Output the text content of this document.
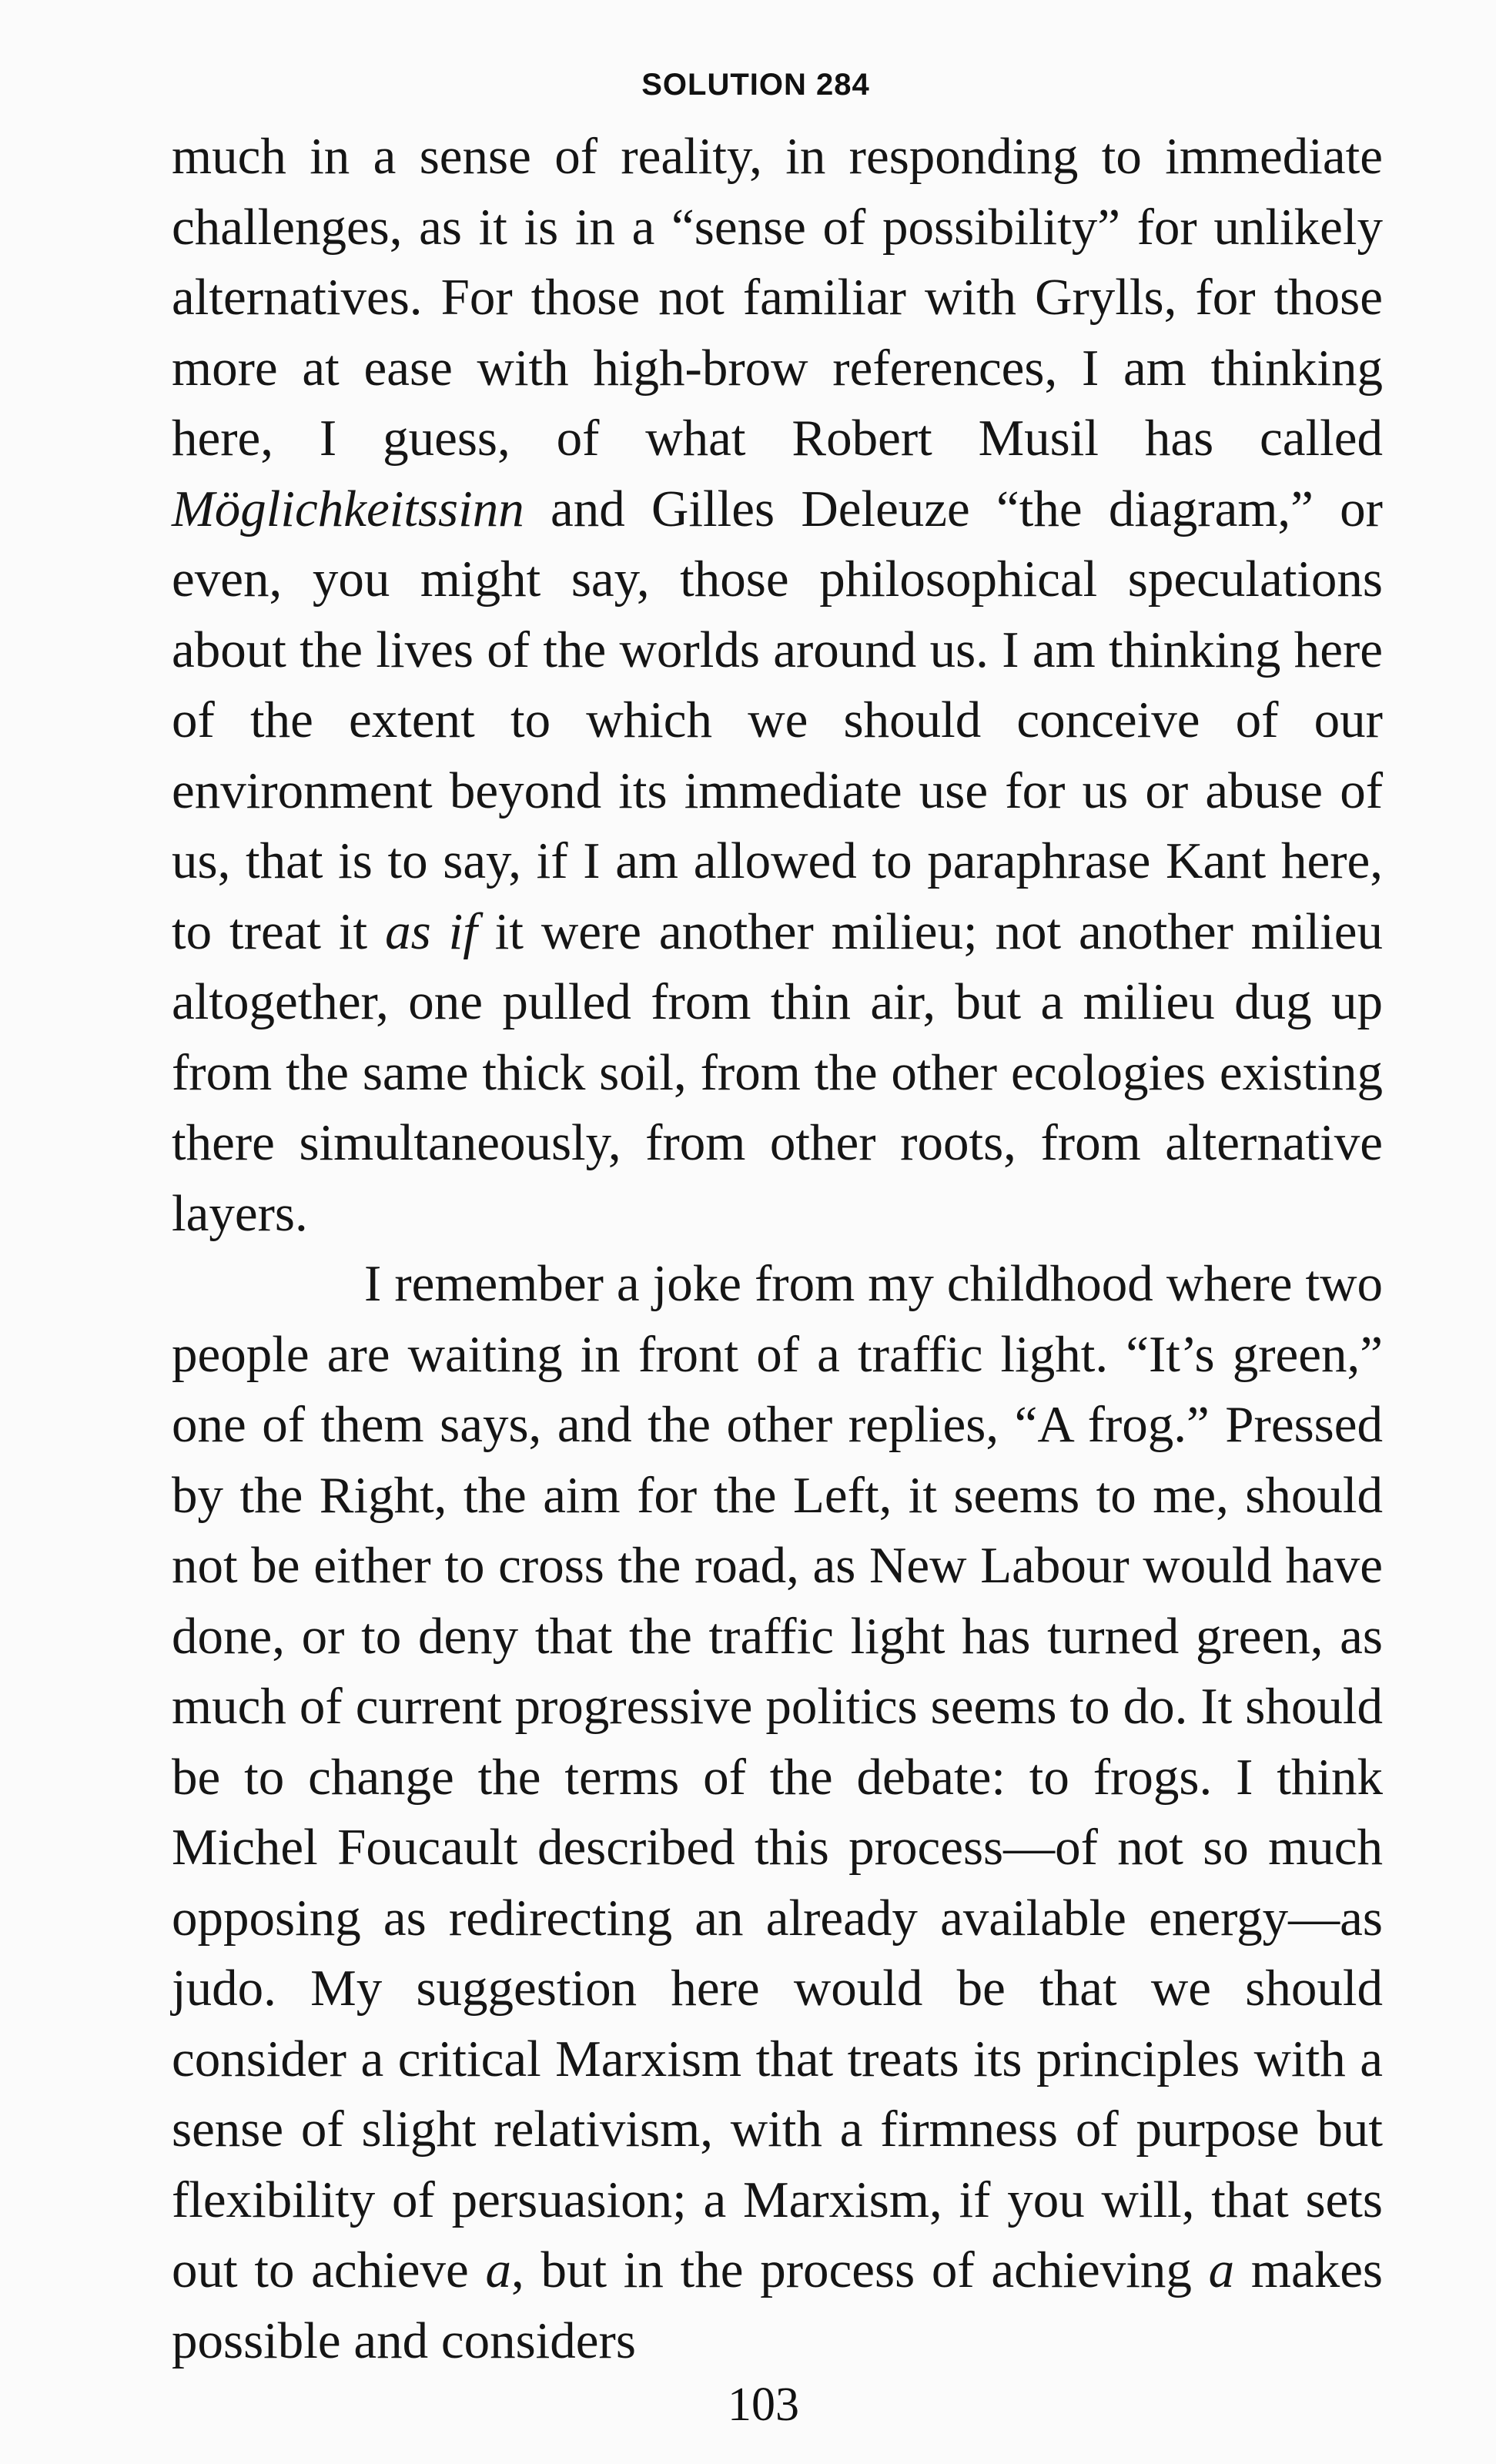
SOLUTION 284

much in a sense of reality, in responding to immediate challenges, as it is in a “sense of possibility” for unlikely alternatives. For those not familiar with Grylls, for those more at ease with high-brow references, I am thinking here, I guess, of what Robert Musil has called Möglichkeitssinn and Gilles Deleuze “the diagram,” or even, you might say, those philosophical speculations about the lives of the worlds around us. I am thinking here of the extent to which we should conceive of our environment beyond its immediate use for us or abuse of us, that is to say, if I am allowed to paraphrase Kant here, to treat it as if it were another milieu; not another milieu altogether, one pulled from thin air, but a milieu dug up from the same thick soil, from the other ecologies existing there simultaneously, from other roots, from alternative layers.

I remember a joke from my childhood where two people are waiting in front of a traffic light. “It’s green,” one of them says, and the other replies, “A frog.” Pressed by the Right, the aim for the Left, it seems to me, should not be either to cross the road, as New Labour would have done, or to deny that the traffic light has turned green, as much of current progressive politics seems to do. It should be to change the terms of the debate: to frogs. I think Michel Foucault described this process—of not so much opposing as redirecting an already available energy—as judo. My suggestion here would be that we should consider a critical Marxism that treats its principles with a sense of slight relativism, with a firmness of purpose but flexibility of persuasion; a Marxism, if you will, that sets out to achieve a, but in the process of achieving a makes possible and considers

103
